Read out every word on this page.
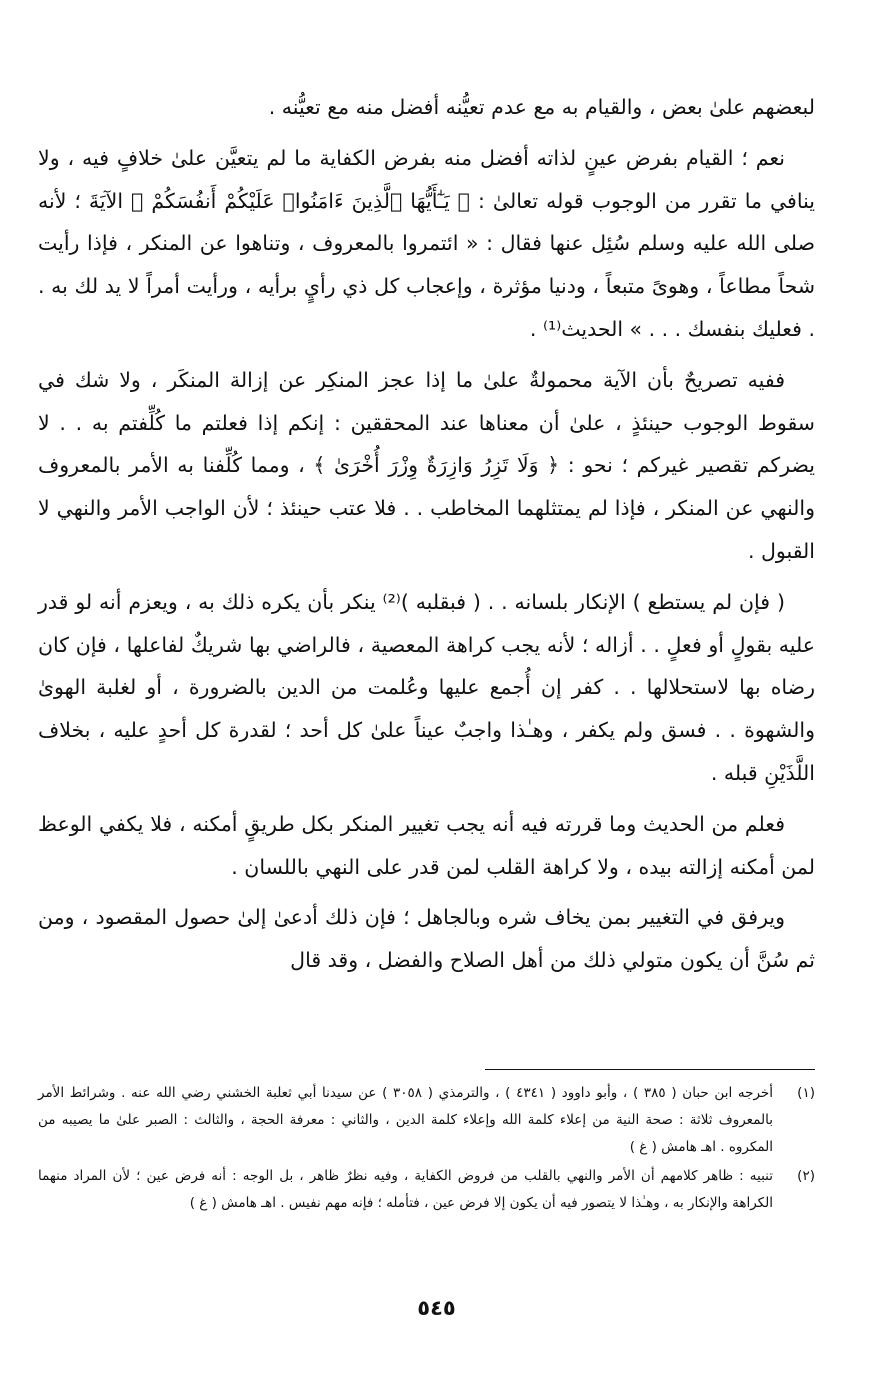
لبعضهم علىٰ بعض ، والقيام به مع عدم تعيُّنه أفضل منه مع تعيُّنه .

نعم ؛ القيام بفرض عينٍ لذاته أفضل منه بفرض الكفاية ما لم يتعيَّن علىٰ خلافٍ فيه ، ولا ينافي ما تقرر من الوجوب قوله تعالىٰ : ﴿ يَـٰٓأَيُّهَا ٱلَّذِينَ ءَامَنُوا۟ عَلَيْكُمْ أَنفُسَكُمْ ﴾ الآيَةَ ؛ لأنه صلى الله عليه وسلم سُئِل عنها فقال : « ائتمروا بالمعروف ، وتناهوا عن المنكر ، فإذا رأيت شحاً مطاعاً ، وهوىً متبعاً ، ودنيا مؤثرة ، وإعجاب كل ذي رأيٍ برأيه ، ورأيت أمراً لا يد لك به . . فعليك بنفسك . . . » الحديث⁽¹⁾ .

ففيه تصريحٌ بأن الآية محمولةٌ علىٰ ما إذا عجز المنكِر عن إزالة المنكَر ، ولا شك في سقوط الوجوب حينئذٍ ، علىٰ أن معناها عند المحققين : إنكم إذا فعلتم ما كُلِّفتم به . . لا يضركم تقصير غيركم ؛ نحو : ﴿ وَلَا تَزِرُ وَازِرَةٌ وِزْرَ أُخْرَىٰ ﴾ ، ومما كُلِّفنا به الأمر بالمعروف والنهي عن المنكر ، فإذا لم يمتثلهما المخاطب . . فلا عتب حينئذ ؛ لأن الواجب الأمر والنهي لا القبول .

( فإن لم يستطع ) الإنكار بلسانه . . ( فبقلبه )⁽²⁾ ينكر بأن يكره ذلك به ، ويعزم أنه لو قدر عليه بقولٍ أو فعلٍ . . أزاله ؛ لأنه يجب كراهة المعصية ، فالراضي بها شريكٌ لفاعلها ، فإن كان رضاه بها لاستحلالها . . كفر إن أُجمع عليها وعُلمت من الدين بالضرورة ، أو لغلبة الهوىٰ والشهوة . . فسق ولم يكفر ، وهـٰذا واجبٌ عيناً علىٰ كل أحد ؛ لقدرة كل أحدٍ عليه ، بخلاف اللَّذَيْنِ قبله .

فعلم من الحديث وما قررته فيه أنه يجب تغيير المنكر بكل طريقٍ أمكنه ، فلا يكفي الوعظ لمن أمكنه إزالته بيده ، ولا كراهة القلب لمن قدر على النهي باللسان .

ويرفق في التغيير بمن يخاف شره وبالجاهل ؛ فإن ذلك أدعىٰ إلىٰ حصول المقصود ، ومن ثم سُنَّ أن يكون متولي ذلك من أهل الصلاح والفضل ، وقد قال

(١)
أخرجه ابن حبان ( ٣٨٥ ) ، وأبو داوود ( ٤٣٤١ ) ، والترمذي ( ٣٠٥٨ ) عن سيدنا أبي ثعلبة الخشني رضي الله عنه . وشرائط الأمر بالمعروف ثلاثة : صحة النية من إعلاء كلمة الله وإعلاء كلمة الدين ، والثاني : معرفة الحجة ، والثالث : الصبر علىٰ ما يصيبه من المكروه . اهـ هامش ( غ )
(٢)
تنبيه : ظاهر كلامهم أن الأمر والنهي بالقلب من فروض الكفاية ، وفيه نظرٌ ظاهر ، بل الوجه : أنه فرض عين ؛ لأن المراد منهما الكراهة والإنكار به ، وهـٰذا لا يتصور فيه أن يكون إلا فرض عين ، فتأمله ؛ فإنه مهم نفيس . اهـ هامش ( غ )
٥٤٥
